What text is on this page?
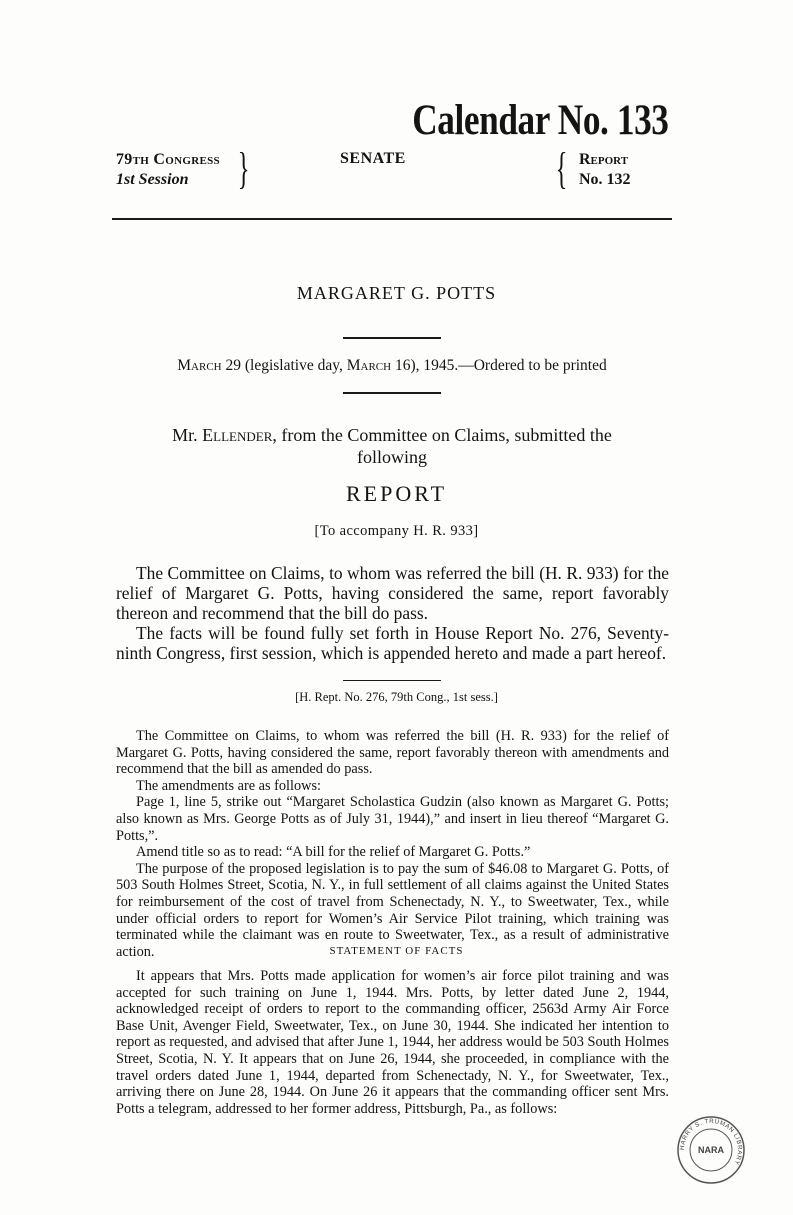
Calendar No. 133
79th Congress
1st Session	}	SENATE	{ Report
No. 132
MARGARET G. POTTS
March 29 (legislative day, March 16), 1945.—Ordered to be printed
Mr. Ellender, from the Committee on Claims, submitted the
following
REPORT
[To accompany H. R. 933]

The Committee on Claims, to whom was referred the bill (H. R. 933) for the relief of Margaret G. Potts, having considered the same, report favorably thereon and recommend that the bill do pass.

The facts will be found fully set forth in House Report No. 276, Seventy-ninth Congress, first session, which is appended hereto and made a part hereof.

[H. Rept. No. 276, 79th Cong., 1st sess.]

The Committee on Claims, to whom was referred the bill (H. R. 933) for the relief of Margaret G. Potts, having considered the same, report favorably thereon with amendments and recommend that the bill as amended do pass.

The amendments are as follows:

Page 1, line 5, strike out “Margaret Scholastica Gudzin (also known as Margaret G. Potts; also known as Mrs. George Potts as of July 31, 1944),” and insert in lieu thereof “Margaret G. Potts,”.

Amend title so as to read: “A bill for the relief of Margaret G. Potts.”

The purpose of the proposed legislation is to pay the sum of $46.08 to Margaret G. Potts, of 503 South Holmes Street, Scotia, N. Y., in full settlement of all claims against the United States for reimbursement of the cost of travel from Schenectady, N. Y., to Sweetwater, Tex., while under official orders to report for Women’s Air Service Pilot training, which training was terminated while the claimant was en route to Sweetwater, Tex., as a result of administrative action.	STATEMENT OF FACTS

It appears that Mrs. Potts made application for women’s air force pilot training and was accepted for such training on June 1, 1944. Mrs. Potts, by letter dated June 2, 1944, acknowledged receipt of orders to report to the commanding officer, 2563d Army Air Force Base Unit, Avenger Field, Sweetwater, Tex., on June 30, 1944. She indicated her intention to report as requested, and advised that after June 1, 1944, her address would be 503 South Holmes Street, Scotia, N. Y. It appears that on June 26, 1944, she proceeded, in compliance with the travel orders dated June 1, 1944, departed from Schenectady, N. Y., for Sweetwater, Tex., arriving there on June 28, 1944. On June 26 it appears that the commanding officer sent Mrs. Potts a telegram, addressed to her former address, Pittsburgh, Pa., as follows:

HARRY S. TRUMAN LIBRARY
NARA
